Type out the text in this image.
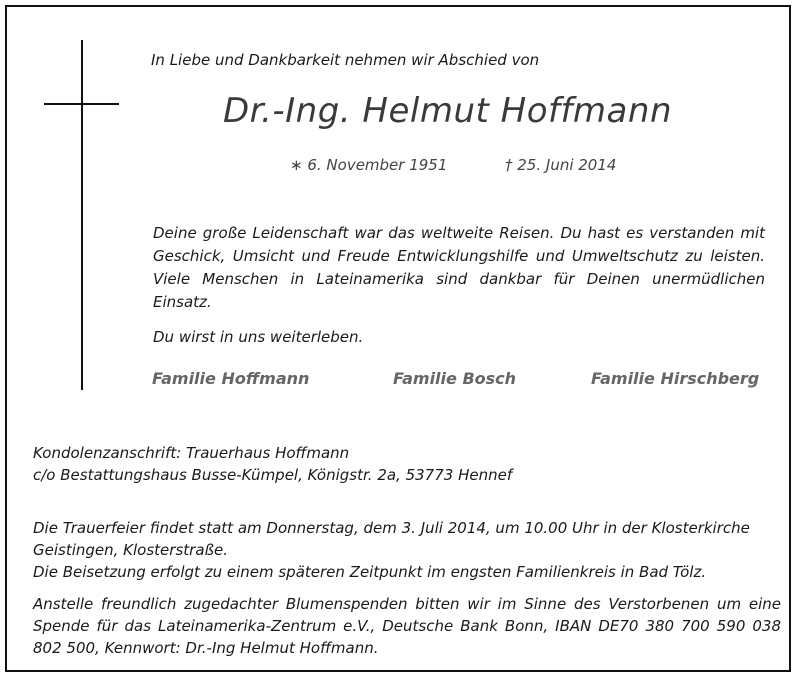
In Liebe und Dankbarkeit nehmen wir Abschied von
Dr.-Ing. Helmut Hoffmann
∗ 6. November 1951	† 25. Juni 2014
Deine große Leidenschaft war das weltweite Reisen. Du hast es verstanden mit Geschick, Umsicht und Freude Entwicklungshilfe und Umweltschutz zu leisten. Viele Menschen in Lateinamerika sind dankbar für Deinen unermüdlichen Einsatz.
Du wirst in uns weiterleben.
Familie Hoffmann	Familie Bosch	Familie Hirschberg
Kondolenzanschrift: Trauerhaus Hoffmann
c/o Bestattungshaus Busse-Kümpel, Königstr. 2a, 53773 Hennef
Die Trauerfeier findet statt am Donnerstag, dem 3. Juli 2014, um 10.00 Uhr in der Klosterkirche
Geistingen, Klosterstraße.
Die Beisetzung erfolgt zu einem späteren Zeitpunkt im engsten Familienkreis in Bad Tölz.
Anstelle freundlich zugedachter Blumenspenden bitten wir im Sinne des Verstorbenen um eine Spende für das Lateinamerika-Zentrum e.V., Deutsche Bank Bonn, IBAN DE70 380 700 590 038 802 500, Kennwort: Dr.-Ing Helmut Hoffmann.
